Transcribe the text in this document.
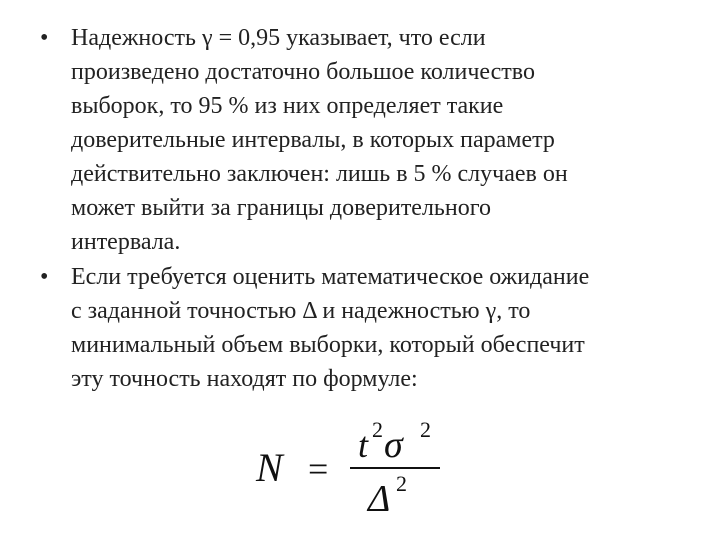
• Надежность γ = 0,95 указывает, что если
произведено достаточно большое количество
выборок, то 95 % из них определяет такие
доверительные интервалы, в которых параметр
действительно заключен: лишь в 5 % случаев он
может выйти за границы доверительного
интервала.
• Если требуется оценить математическое ожидание
с заданной точностью Δ и надежностью γ, то
минимальный объем выборки, который обеспечит
эту точность находят по формуле:
N =
t 2 σ 2
Δ 2
